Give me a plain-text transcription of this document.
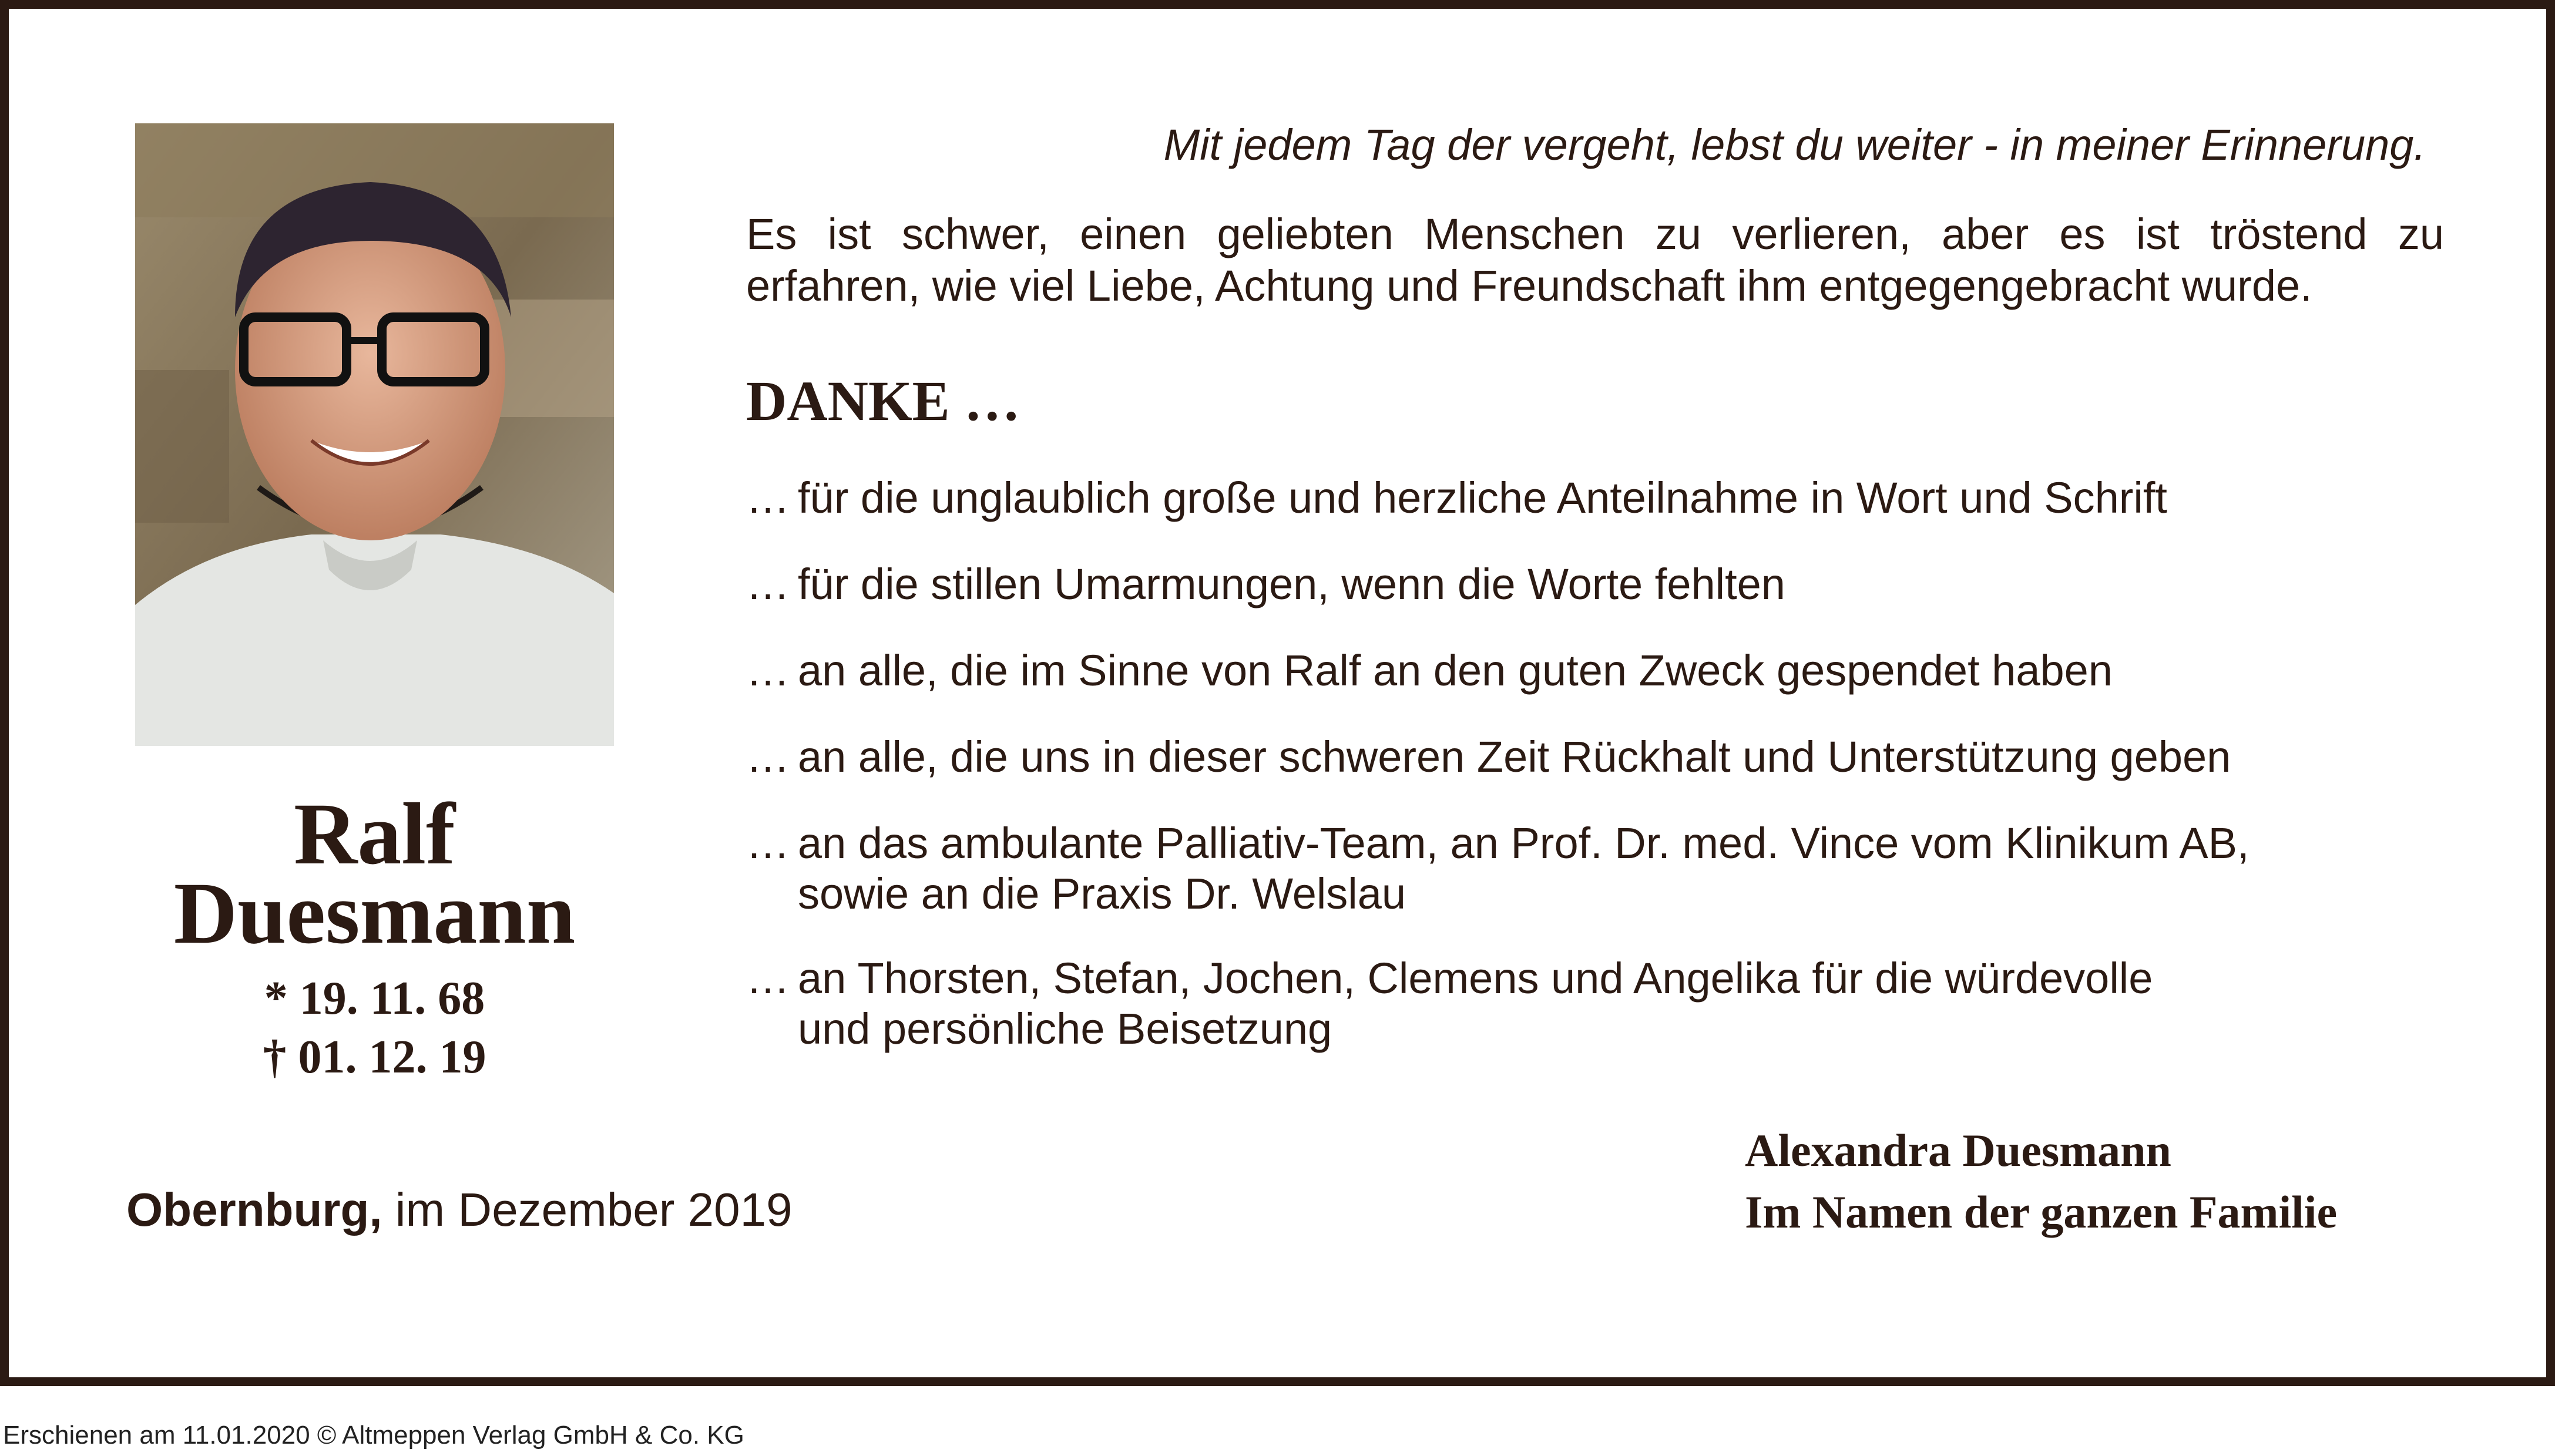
Ralf
Duesmann
* 19. 11. 68
† 01. 12. 19
Obernburg, im Dezember 2019
Mit jedem Tag der vergeht, lebst du weiter - in meiner Erinnerung.
Es ist schwer, einen geliebten Menschen zu verlieren, aber es ist tröstend zu
erfahren, wie viel Liebe, Achtung und Freundschaft ihm entgegengebracht wurde.
DANKE …
… für die unglaublich große und herzliche Anteilnahme in Wort und Schrift
… für die stillen Umarmungen, wenn die Worte fehlten
… an alle, die im Sinne von Ralf an den guten Zweck gespendet haben
… an alle, die uns in dieser schweren Zeit Rückhalt und Unterstützung geben
… an das ambulante Palliativ-Team, an Prof. Dr. med. Vince vom Klinikum AB,
sowie an die Praxis Dr. Welslau
… an Thorsten, Stefan, Jochen, Clemens und Angelika für die würdevolle
und persönliche Beisetzung
Alexandra Duesmann
Im Namen der ganzen Familie
Erschienen am 11.01.2020 © Altmeppen Verlag GmbH & Co. KG
